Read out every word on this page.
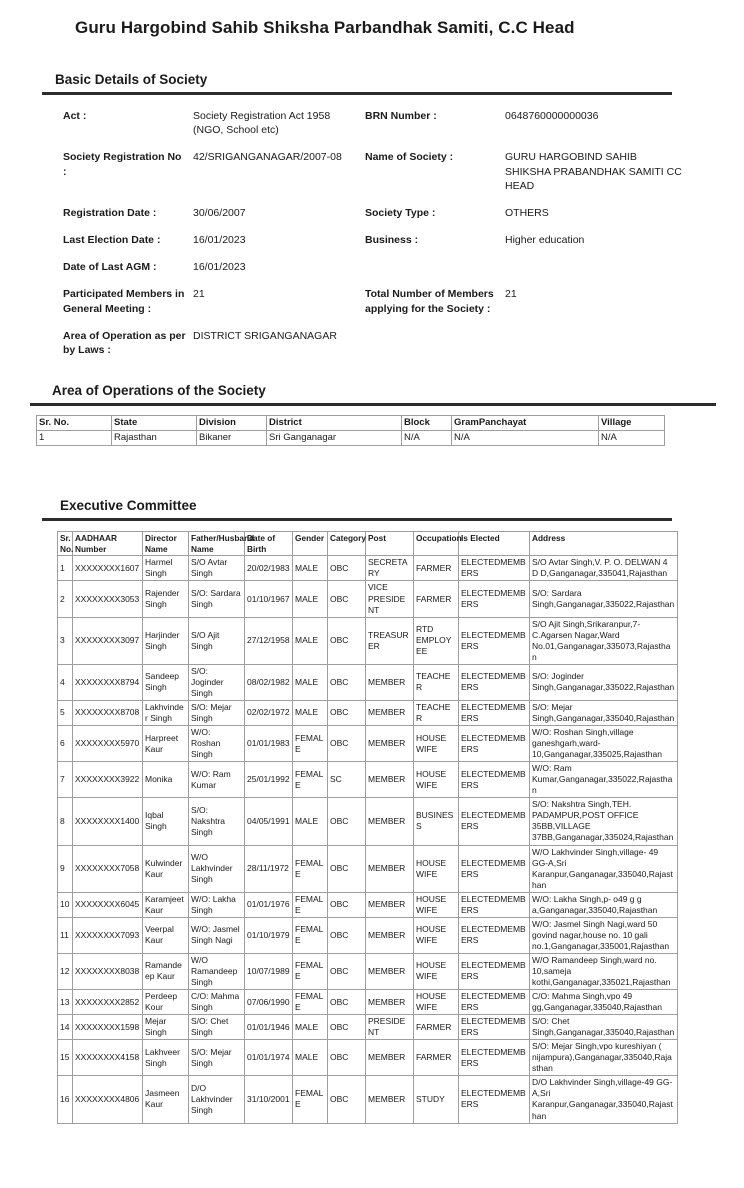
Guru Hargobind Sahib Shiksha Parbandhak Samiti, C.C Head
Basic Details of Society
Act :	Society Registration Act 1958 (NGO, School etc)
BRN Number :	0648760000000036
Society Registration No :
42/SRIGANGANAGAR/2007-08	Name of Society :	GURU HARGOBIND SAHIB SHIKSHA PRABANDHAK SAMITI CC HEAD
Registration Date :	30/06/2007	Society Type :	OTHERS
Last Election Date :	16/01/2023	Business :	Higher education
Date of Last AGM :	16/01/2023
Participated Members in General Meeting :
21	Total Number of Members applying for the Society :
21
Area of Operation as per by Laws :
DISTRICT SRIGANGANAGAR
Area of Operations of the Society
Sr. No.	State	Division	District	Block	GramPanchayat	Village
1	Rajasthan	Bikaner	Sri Ganganagar	N/A	N/A	N/A
Executive Committee
Sr. No.	AADHAAR Number	Director Name	Father/Husband Name	Date of Birth	Gender	Category	Post	Occupation	Is Elected	Address
1	XXXXXXXX1607	Harmel Singh	S/O Avtar Singh	20/02/1983	MALE	OBC	SECRETARY	FARMER	ELECTEDMEMBERS	S/O Avtar Singh,V. P. O. DELWAN 4 D D,Ganganagar,335041,Rajasthan
2	XXXXXXXX3053	Rajender Singh	S/O: Sardara Singh	01/10/1967	MALE	OBC	VICE PRESIDENT	FARMER	ELECTEDMEMBERS	S/O: Sardara Singh,Ganganagar,335022,Rajasthan
3	XXXXXXXX3097	Harjinder Singh	S/O Ajit Singh	27/12/1958	MALE	OBC	TREASURER	RTD EMPLOYEE	ELECTEDMEMBERS	S/O Ajit Singh,Srikaranpur,7-C.Agarsen Nagar,Ward No.01,Ganganagar,335073,Rajasthan
4	XXXXXXXX8794	Sandeep Singh	S/O: Joginder Singh	08/02/1982	MALE	OBC	MEMBER	TEACHER	ELECTEDMEMBERS	S/O: Joginder Singh,Ganganagar,335022,Rajasthan
5	XXXXXXXX8708	Lakhvinder Singh	S/O: Mejar Singh	02/02/1972	MALE	OBC	MEMBER	TEACHER	ELECTEDMEMBERS	S/O: Mejar Singh,Ganganagar,335040,Rajasthan
6	XXXXXXXX5970	Harpreet Kaur	W/O: Roshan Singh	01/01/1983	FEMALE	OBC	MEMBER	HOUSE WIFE	ELECTEDMEMBERS	W/O: Roshan Singh,village ganeshgarh,ward-10,Ganganagar,335025,Rajasthan
7	XXXXXXXX3922	Monika	W/O: Ram Kumar	25/01/1992	FEMALE	SC	MEMBER	HOUSE WIFE	ELECTEDMEMBERS	W/O: Ram Kumar,Ganganagar,335022,Rajasthan
8	XXXXXXXX1400	Iqbal Singh	S/O: Nakshtra Singh	04/05/1991	MALE	OBC	MEMBER	BUSINESS	ELECTEDMEMBERS	S/O: Nakshtra Singh,TEH. PADAMPUR,POST OFFICE 35BB,VILLAGE 37BB,Ganganagar,335024,Rajasthan
9	XXXXXXXX7058	Kulwinder Kaur	W/O Lakhvinder Singh	28/11/1972	FEMALE	OBC	MEMBER	HOUSE WIFE	ELECTEDMEMBERS	W/O Lakhvinder Singh,village- 49 GG-A,Sri Karanpur,Ganganagar,335040,Rajasthan
10	XXXXXXXX6045	Karamjeet Kaur	W/O: Lakha Singh	01/01/1976	FEMALE	OBC	MEMBER	HOUSE WIFE	ELECTEDMEMBERS	W/O: Lakha Singh,p- o49 g g a,Ganganagar,335040,Rajasthan
11	XXXXXXXX7093	Veerpal Kaur	W/O: Jasmel Singh Nagi	01/10/1979	FEMALE	OBC	MEMBER	HOUSE WIFE	ELECTEDMEMBERS	W/O: Jasmel Singh Nagi,ward 50 govind nagar,house no. 10 gali no.1,Ganganagar,335001,Rajasthan
12	XXXXXXXX8038	Ramandeep Kaur	W/O Ramandeep Singh	10/07/1989	FEMALE	OBC	MEMBER	HOUSE WIFE	ELECTEDMEMBERS	W/O Ramandeep Singh,ward no. 10,sameja kothi,Ganganagar,335021,Rajasthan
13	XXXXXXXX2852	Perdeep Kour	C/O: Mahma Singh	07/06/1990	FEMALE	OBC	MEMBER	HOUSE WIFE	ELECTEDMEMBERS	C/O: Mahma Singh,vpo 49 gg,Ganganagar,335040,Rajasthan
14	XXXXXXXX1598	Mejar Singh	S/O: Chet Singh	01/01/1946	MALE	OBC	PRESIDENT	FARMER	ELECTEDMEMBERS	S/O: Chet Singh,Ganganagar,335040,Rajasthan
15	XXXXXXXX4158	Lakhveer Singh	S/O: Mejar Singh	01/01/1974	MALE	OBC	MEMBER	FARMER	ELECTEDMEMBERS	S/O: Mejar Singh,vpo kureshiyan ( nijampura),Ganganagar,335040,Rajasthan
16	XXXXXXXX4806	Jasmeen Kaur	D/O Lakhvinder Singh	31/10/2001	FEMALE	OBC	MEMBER	STUDY	ELECTEDMEMBERS	D/O Lakhvinder Singh,village-49 GG-A,Sri Karanpur,Ganganagar,335040,Rajasthan
